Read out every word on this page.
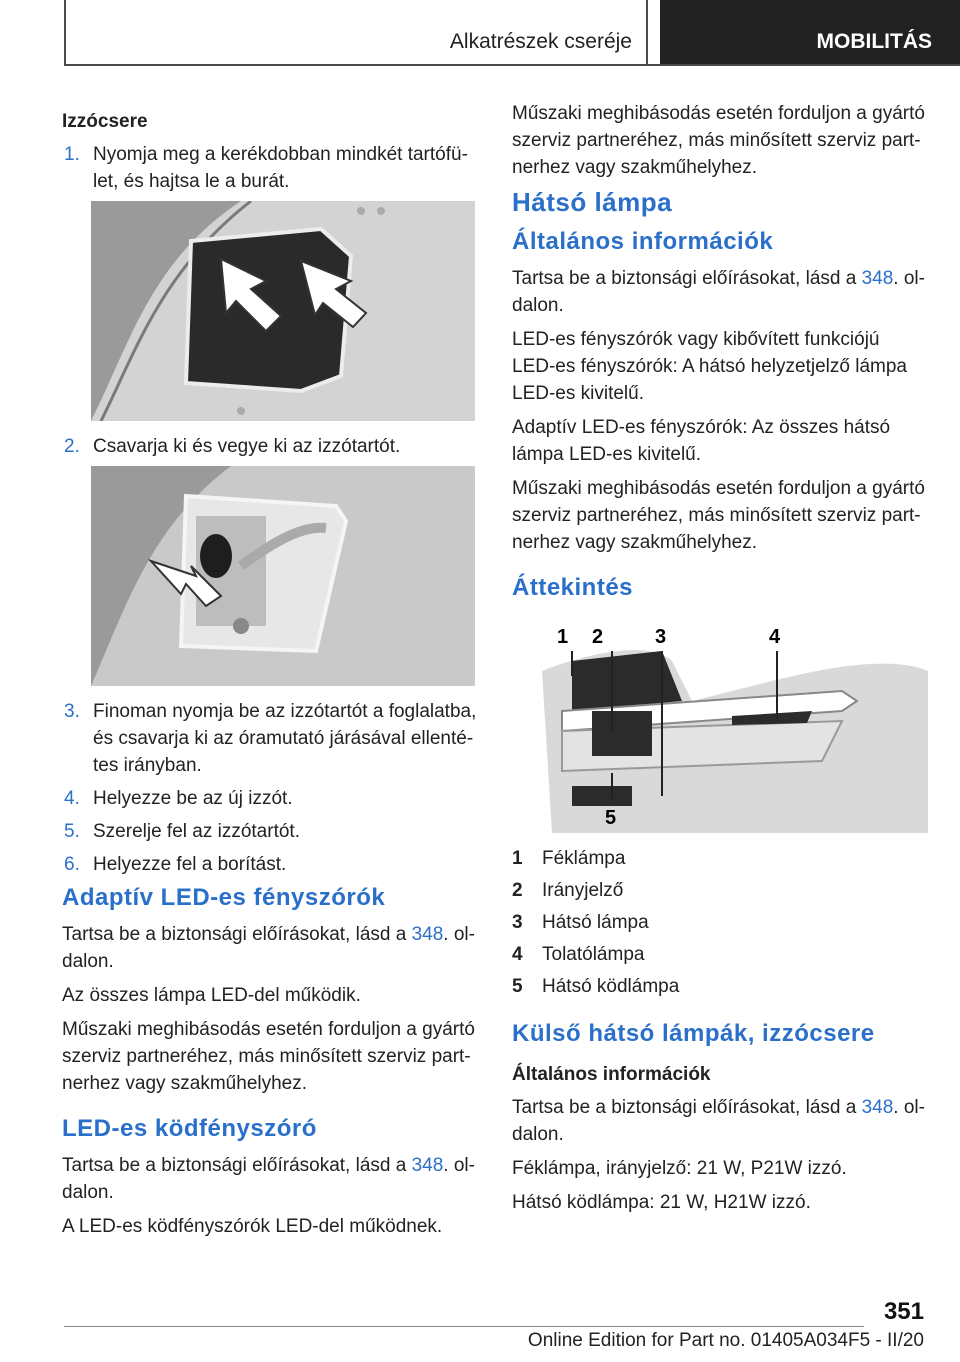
Alkatrészek cseréje	MOBILITÁS
Izzócsere
1. Nyomja meg a kerékdobban mindkét tartófü‐ let, és hajtsa le a burát.
2. Csavarja ki és vegye ki az izzótartót.
3. Finoman nyomja be az izzótartót a foglalatba, és csavarja ki az óramutató járásával ellenté‐ tes irányban.
4. Helyezze be az új izzót.
5. Szerelje fel az izzótartót.
6. Helyezze fel a borítást.
Adaptív LED-es fényszórók

Tartsa be a biztonsági előírásokat, lásd a 348. ol‐ dalon.

Az összes lámpa LED-del működik.

Műszaki meghibásodás esetén forduljon a gyártó szerviz partneréhez, más minősített szerviz part‐ nerhez vagy szakműhelyhez.

LED-es ködfényszóró

Tartsa be a biztonsági előírásokat, lásd a 348. ol‐ dalon.

A LED-es ködfényszórók LED-del működnek.

Műszaki meghibásodás esetén forduljon a gyártó szerviz partneréhez, más minősített szerviz part‐ nerhez vagy szakműhelyhez.

Hátsó lámpa
Általános információk

Tartsa be a biztonsági előírásokat, lásd a 348. ol‐ dalon.

LED-es fényszórók vagy kibővített funkciójú LED-es fényszórók: A hátsó helyzetjelző lámpa LED-es kivitelű.

Adaptív LED-es fényszórók: Az összes hátsó lámpa LED-es kivitelű.

Műszaki meghibásodás esetén forduljon a gyártó szerviz partneréhez, más minősített szerviz part‐ nerhez vagy szakműhelyhez.

Áttekintés
1 2	3	4
5
1 Féklámpa
2 Irányjelző
3 Hátsó lámpa
4 Tolatólámpa
5 Hátsó ködlámpa
Külső hátsó lámpák, izzócsere
Általános információk

Tartsa be a biztonsági előírásokat, lásd a 348. ol‐ dalon.

Féklámpa, irányjelző: 21 W, P21W izzó.

Hátsó ködlámpa: 21 W, H21W izzó.

351
Online Edition for Part no. 01405A034F5 - II/20
